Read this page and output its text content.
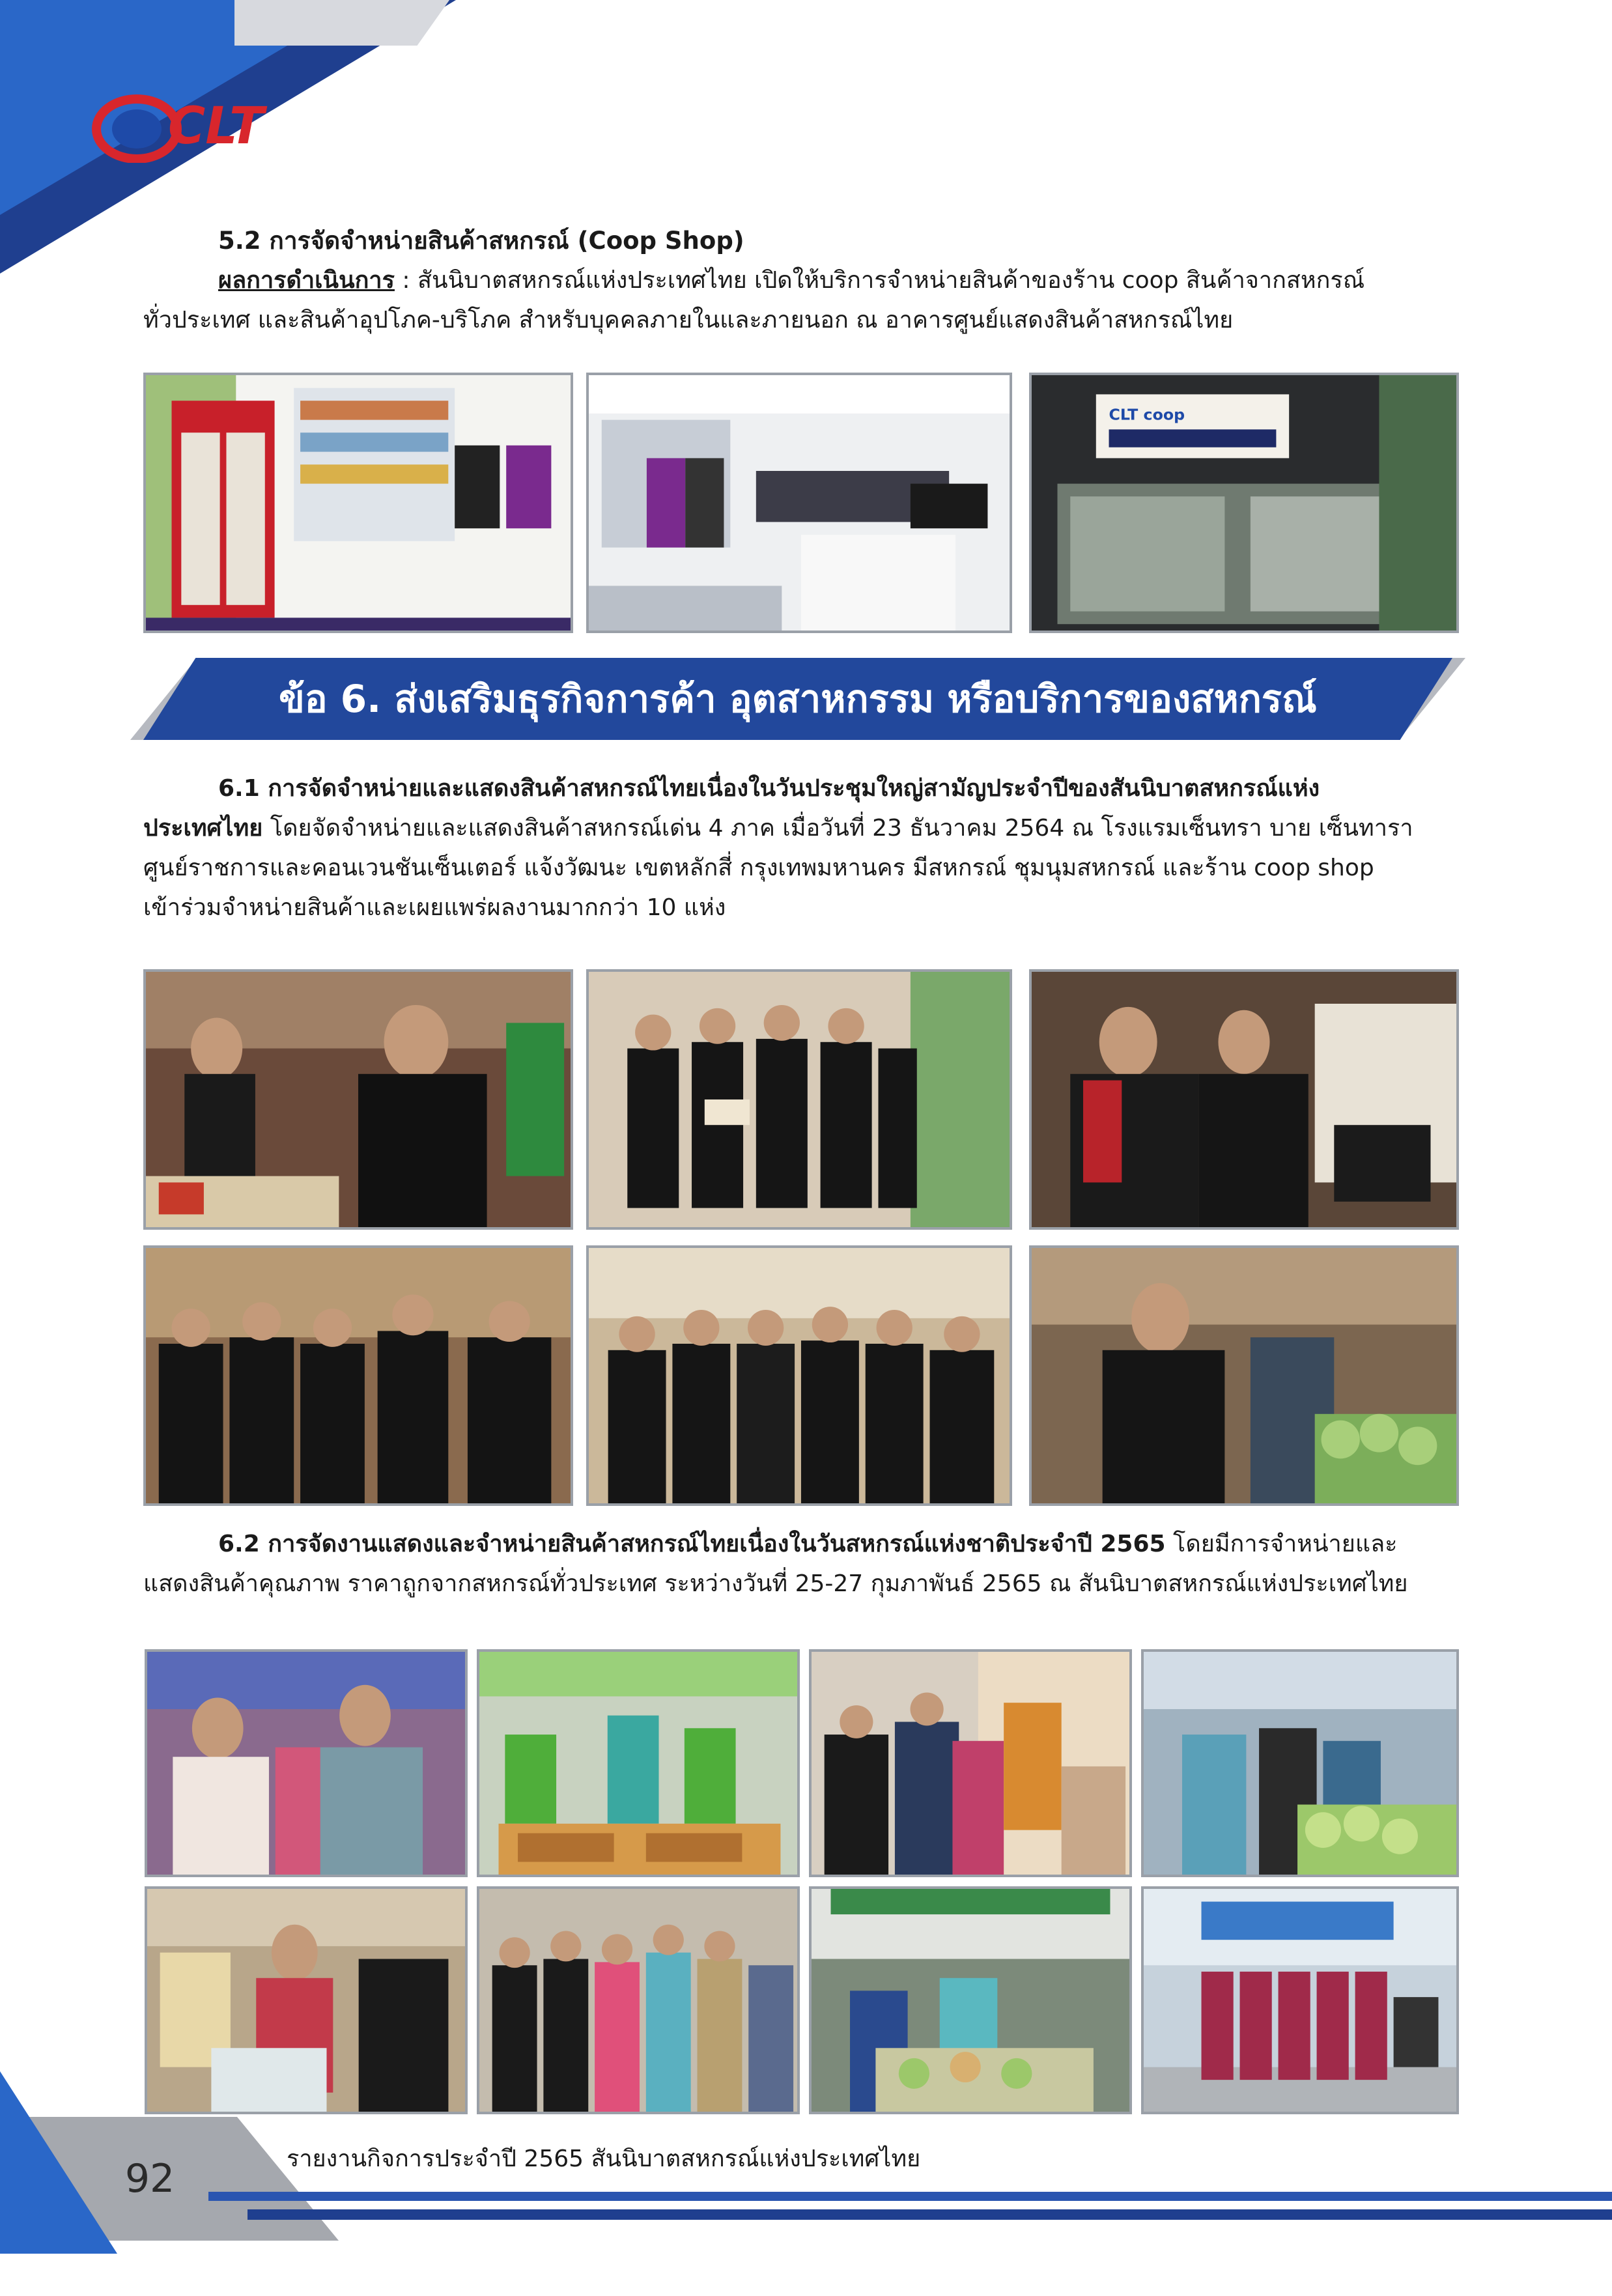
CLT
5.2 การจัดจำหน่ายสินค้าสหกรณ์ (Coop Shop)
ผลการดำเนินการ : สันนิบาตสหกรณ์แห่งประเทศไทย เปิดให้บริการจำหน่ายสินค้าของร้าน coop สินค้าจากสหกรณ์
ทั่วประเทศ และสินค้าอุปโภค-บริโภค สำหรับบุคคลภายในและภายนอก ณ อาคารศูนย์แสดงสินค้าสหกรณ์ไทย
CLT coop
ข้อ 6. ส่งเสริมธุรกิจการค้า อุตสาหกรรม หรือบริการของสหกรณ์
6.1 การจัดจำหน่ายและแสดงสินค้าสหกรณ์ไทยเนื่องในวันประชุมใหญ่สามัญประจำปีของสันนิบาตสหกรณ์แห่ง
ประเทศไทย โดยจัดจำหน่ายและแสดงสินค้าสหกรณ์เด่น 4 ภาค เมื่อวันที่ 23 ธันวาคม 2564 ณ โรงแรมเซ็นทรา บาย เซ็นทารา
ศูนย์ราชการและคอนเวนชันเซ็นเตอร์ แจ้งวัฒนะ เขตหลักสี่ กรุงเทพมหานคร มีสหกรณ์ ชุมนุมสหกรณ์ และร้าน coop shop
เข้าร่วมจำหน่ายสินค้าและเผยแพร่ผลงานมากกว่า 10 แห่ง
6.2 การจัดงานแสดงและจำหน่ายสินค้าสหกรณ์ไทยเนื่องในวันสหกรณ์แห่งชาติประจำปี 2565 โดยมีการจำหน่ายและ
แสดงสินค้าคุณภาพ ราคาถูกจากสหกรณ์ทั่วประเทศ ระหว่างวันที่ 25-27 กุมภาพันธ์ 2565 ณ สันนิบาตสหกรณ์แห่งประเทศไทย
92	รายงานกิจการประจำปี 2565 สันนิบาตสหกรณ์แห่งประเทศไทย
